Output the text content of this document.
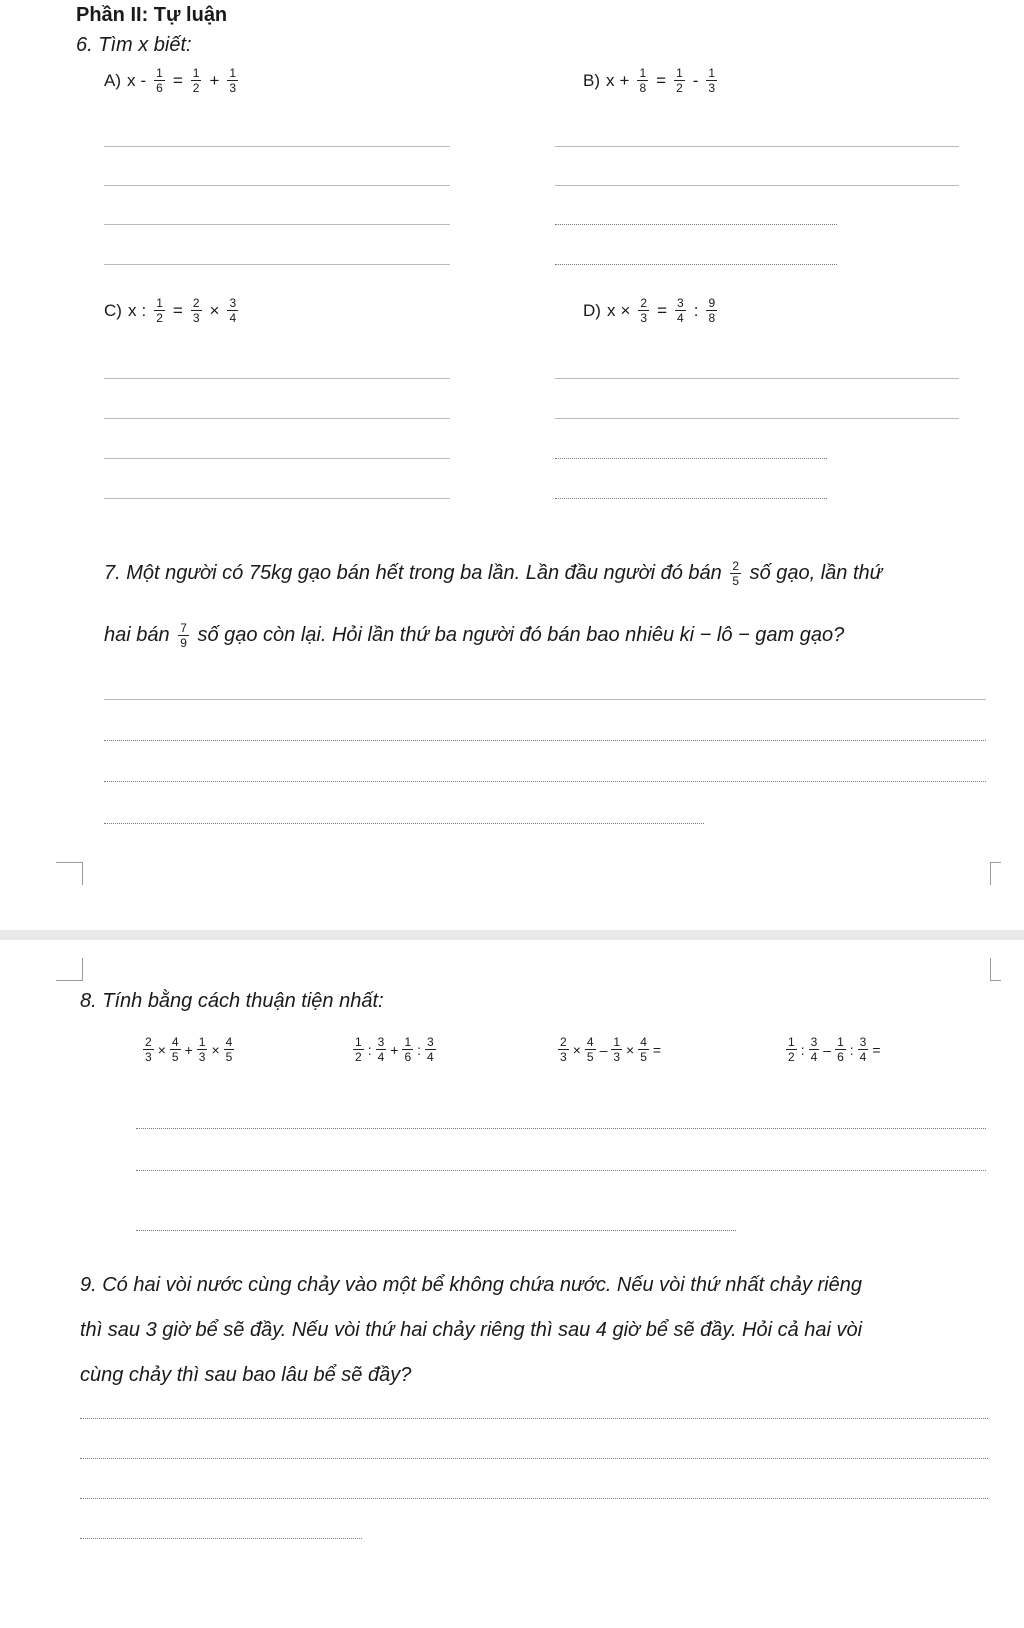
Phần II: Tự luận
6. Tìm x biết:
A) $x - \frac{1}{6} = \frac{1}{2} + \frac{1}{3}$	B) $x + \frac{1}{8} = \frac{1}{2} - \frac{1}{3}$
C) x : $\frac{1}{2} = \frac{2}{3} \times \frac{3}{4}$	D) $x \times \frac{2}{3} = \frac{3}{4}$ : $\frac{9}{8}$
7. Một người có 75kg gạo bán hết trong ba lần. Lần đầu người đó bán $\frac{2}{5}$ số gạo, lần thứ
hai bán $\frac{7}{9}$ số gạo còn lại. Hỏi lần thứ ba người đó bán bao nhiêu ki − lô − gam gạo?
8. Tính bằng cách thuận tiện nhất:
$\frac{2}{3} \times \frac{4}{5} + \frac{1}{3} \times \frac{4}{5}$	$\frac{1}{2}$ : $\frac{3}{4} + \frac{1}{6}$ : $\frac{3}{4}$	$\frac{2}{3} \times \frac{4}{5} - \frac{1}{3} \times \frac{4}{5}$ =	$\frac{1}{2}$ : $\frac{3}{4} - \frac{1}{6}$ : $\frac{3}{4}$ =
9. Có hai vòi nước cùng chảy vào một bể không chứa nước. Nếu vòi thứ nhất chảy riêng
thì sau 3 giờ bể sẽ đầy. Nếu vòi thứ hai chảy riêng thì sau 4 giờ bể sẽ đầy. Hỏi cả hai vòi
cùng chảy thì sau bao lâu bể sẽ đầy?
